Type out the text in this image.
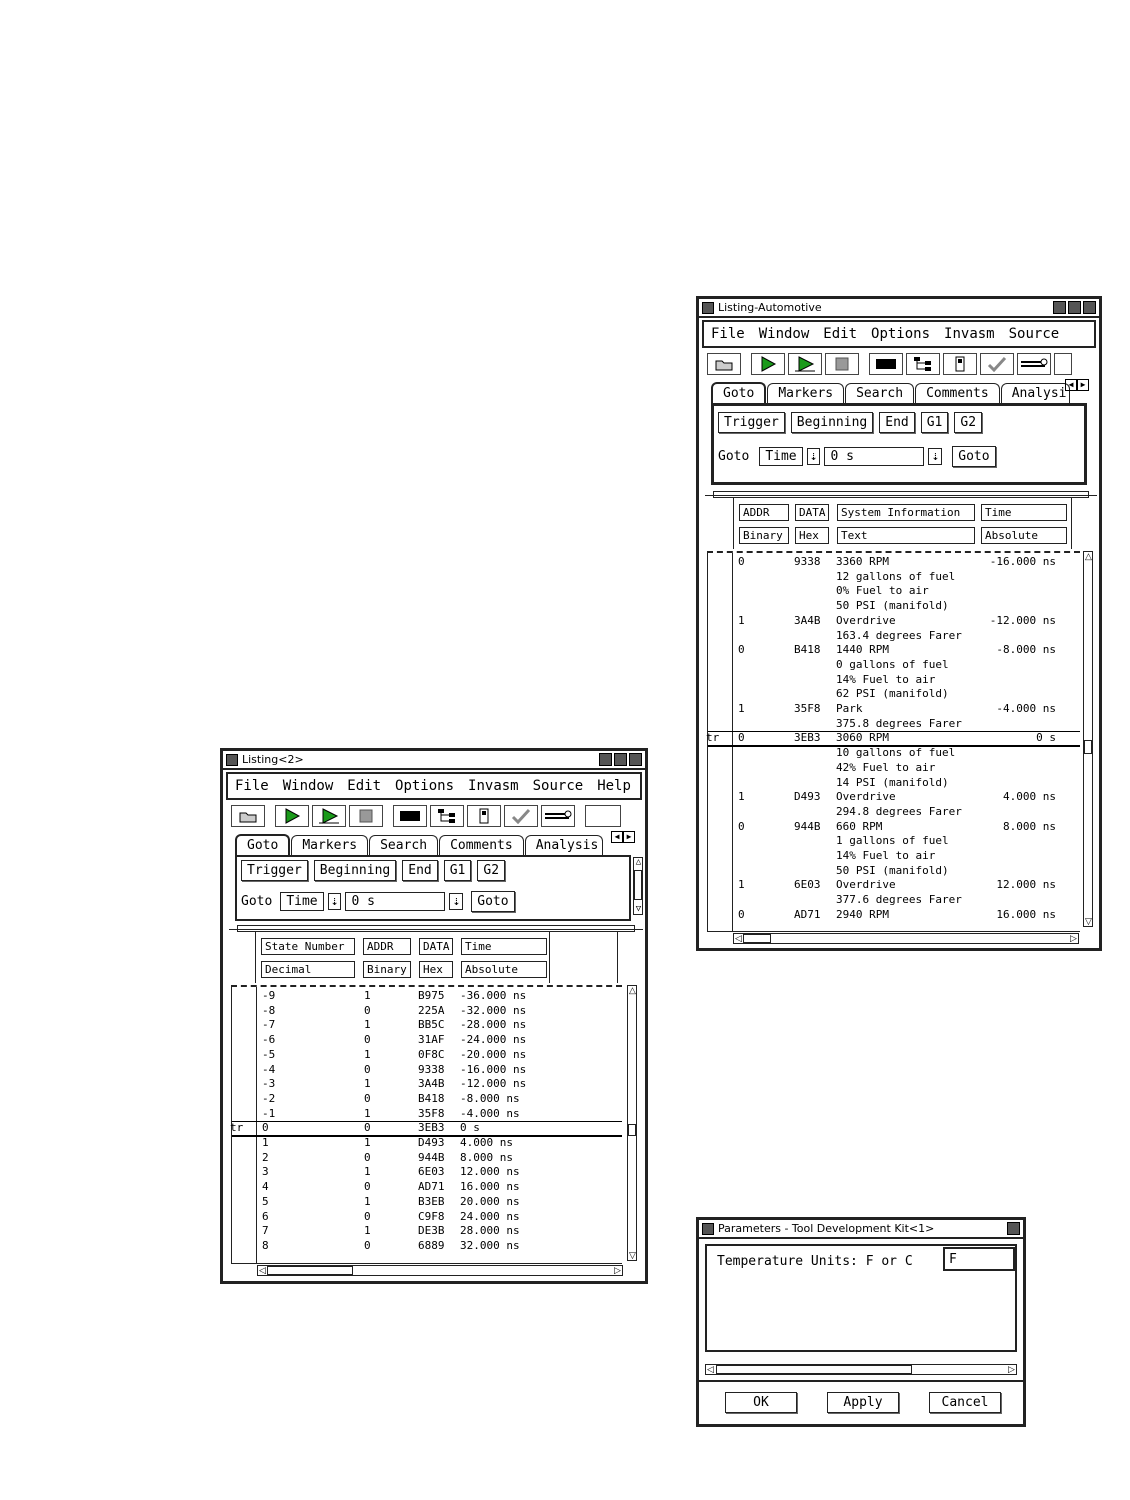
Listing-Automotive
File Window Edit Options Invasm Source
Goto	Markers	Search	Comments	Analysi
◀ ▶
Trigger	Beginning	End	G1	G2
Goto	Time	⇣	0 s	⇣	Goto
ADDR	DATA	System Information	Time
Binary	Hex	Text	Absolute
0	9338 3360 RPM	-16.000 ns
12 gallons of fuel
0% Fuel to air
50 PSI (manifold)
1	3A4B Overdrive	-12.000 ns
163.4 degrees Farer
0	B418 1440 RPM	-8.000 ns
0 gallons of fuel
14% Fuel to air
62 PSI (manifold)
1	35F8 Park	-4.000 ns
375.8 degrees Farer
tr 0	3EB3 3060 RPM	0 s
10 gallons of fuel
42% Fuel to air
14 PSI (manifold)
1	D493 Overdrive	4.000 ns
294.8 degrees Farer
0	944B 660 RPM	8.000 ns
1 gallons of fuel
14% Fuel to air
50 PSI (manifold)
1	6E03 Overdrive	12.000 ns
377.6 degrees Farer
0	AD71 2940 RPM	16.000 ns
△
▽
◁	▷
Listing<2>
File Window Edit Options Invasm Source Help
Goto	Markers	Search	Comments	Analysis
◀ ▶
Trigger	Beginning	End	G1	G2
Goto	Time	⇣	0 s	⇣	Goto
△
▽
State Number	ADDR	DATA	Time
Decimal	Binary	Hex	Absolute
-9	1	B975 -36.000 ns
-8	0	225A -32.000 ns
-7	1	BB5C -28.000 ns
-6	0	31AF -24.000 ns
-5	1	0F8C -20.000 ns
-4	0	9338 -16.000 ns
-3	1	3A4B -12.000 ns
-2	0	B418 -8.000 ns
-1	1	35F8 -4.000 ns
tr 0	0	3EB3 0 s
1	1	D493 4.000 ns
2	0	944B 8.000 ns
3	1	6E03 12.000 ns
4	0	AD71 16.000 ns
5	1	B3EB 20.000 ns
6	0	C9F8 24.000 ns
7	1	DE3B 28.000 ns
8	0	6889 32.000 ns
△
▽
◁	▷
Parameters - Tool Development Kit<1>
Temperature Units: F or C	F
◁	▷
OK	Apply	Cancel
